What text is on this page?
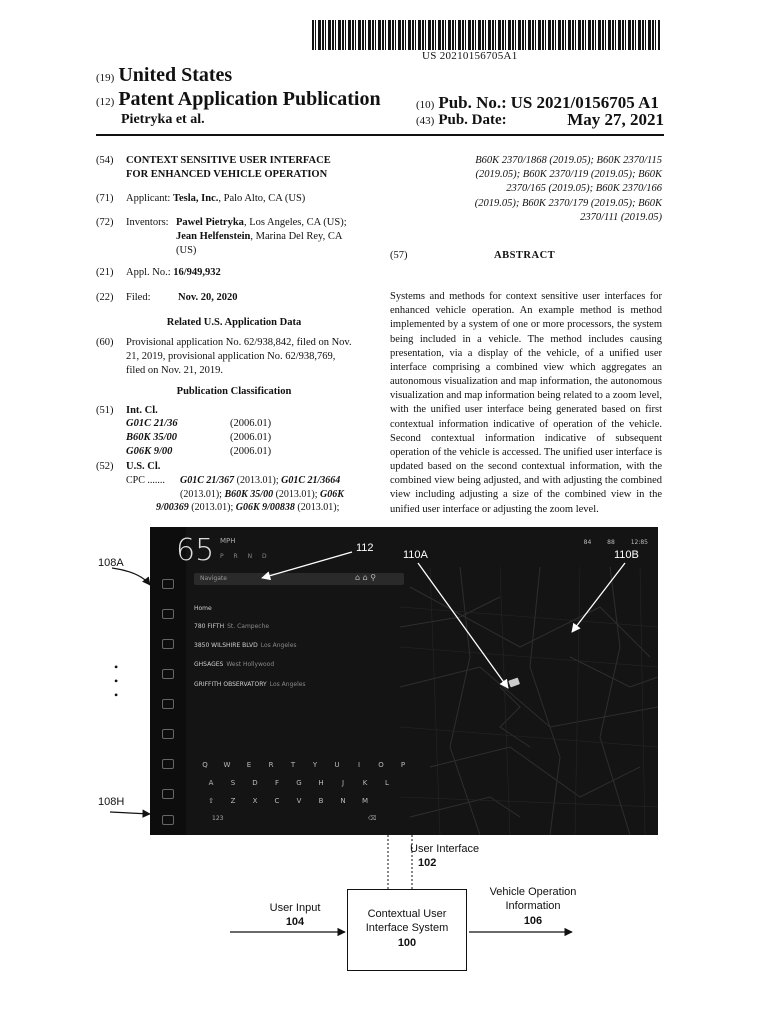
US 20210156705A1
(19) United States
(12) Patent Application Publication
Pietryka et al.
(10) Pub. No.: US 2021/0156705 A1
(43) Pub. Date:	May 27, 2021
(54) CONTEXT SENSITIVE USER INTERFACE
FOR ENHANCED VEHICLE OPERATION
(71) Applicant: Tesla, Inc., Palo Alto, CA (US)
(72) Inventors: Pawel Pietryka, Los Angeles, CA (US);
Jean Helfenstein, Marina Del Rey, CA
(US)
(21) Appl. No.: 16/949,932
(22) Filed:	Nov. 20, 2020
Related U.S. Application Data
(60) Provisional application No. 62/938,842, filed on Nov.
21, 2019, provisional application No. 62/938,769,
filed on Nov. 21, 2019.
Publication Classification
(51) Int. Cl.
G01C 21/36	(2006.01)
B60K 35/00	(2006.01)
G06K 9/00	(2006.01)
(52) U.S. Cl.
CPC ....... G01C 21/367 (2013.01); G01C 21/3664
(2013.01); B60K 35/00 (2013.01); G06K
9/00369 (2013.01); G06K 9/00838 (2013.01);
B60K 2370/1868 (2019.05); B60K 2370/115
(2019.05); B60K 2370/119 (2019.05); B60K
2370/165 (2019.05); B60K 2370/166
(2019.05); B60K 2370/179 (2019.05); B60K
2370/111 (2019.05)
(57)	ABSTRACT
Systems and methods for context sensitive user interfaces for enhanced vehicle operation. An example method is method implemented by a system of one or more processors, the system being included in a vehicle. The method includes causing presentation, via a display of the vehicle, of a unified user interface comprising a combined view which aggregates an autonomous visualization and map information, the autonomous visualization and map information being related to a zoom level, with the unified user interface being generated based on first contextual information indicative of operation of the vehicle. Second contextual information indicative of subsequent operation of the vehicle is accessed. The unified user interface is updated based on the second contextual information, with the combined view being adjusted, and with adjusting the combined view including adjusting a size of the combined view in the unified user interface or adjusting the zoom level.
65 MPH
P R N D
84 88 12:85
Navigate	⌂ ⌂ ⚲
Home
780 FIFTH St. Campeche
3850 WILSHIRE BLVD Los Angeles
GHSAGES West Hollywood
GRIFFITH OBSERVATORY Los Angeles
Q W E R T	Y U	I	O P
A S D F G H	J	K	L
⇧ Z X C V B N M
123	⌫
108A
108H
112
110A	110B
•
•
•
User Interface
102
Contextual User
Interface System
100
User Input
104
Vehicle Operation
Information
106
